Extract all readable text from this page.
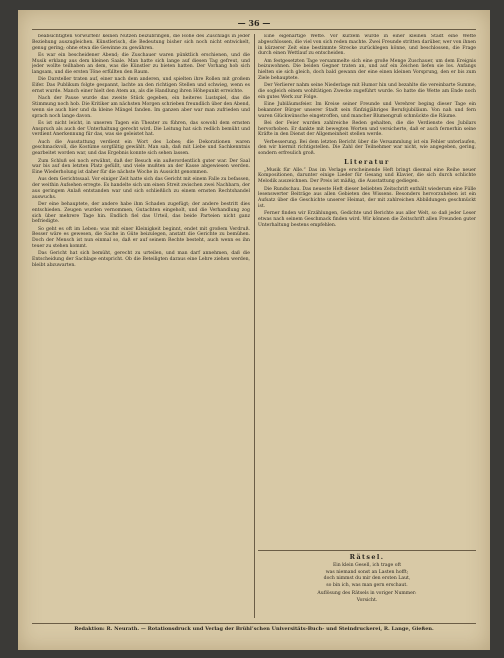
— 36 —

beabsichtigten Vorwürfen! keinen Nutzen beizubringen, die Höhe des Zuschlags in jeder Beziehung auszugleichen. Künstlerisch, die Bedeutung bisher sich noch nicht entwickelt, genug gering; ohne etwa die Gewinne zu gewähren.

Es war ein bescheidener Abend; die Zuschauer waren pünktlich erschienen, und die Musik erklang aus dem kleinen Saale. Man hatte sich lange auf diesen Tag gefreut, und jeder wollte teilhaben an dem, was die Künstler zu bieten hatten. Der Vorhang hob sich langsam, und die ersten Töne erfüllten den Raum.

Die Darsteller traten auf, einer nach dem anderen, und spielten ihre Rollen mit großem Eifer. Das Publikum folgte gespannt, lachte an den richtigen Stellen und schwieg, wenn es ernst wurde. Manch einer hielt den Atem an, als die Handlung ihren Höhepunkt erreichte.

Nach der Pause wurde das zweite Stück gegeben, ein heiteres Lustspiel, das die Stimmung noch hob. Die Kritiker am nächsten Morgen schrieben freundlich über den Abend, wenn sie auch hier und da kleine Mängel fanden. Im ganzen aber war man zufrieden und sprach noch lange davon.

Es ist nicht leicht, in unseren Tagen ein Theater zu führen, das sowohl dem ernsten Anspruch als auch der Unterhaltung gerecht wird. Die Leitung hat sich redlich bemüht und verdient Anerkennung für das, was sie geleistet hat.

Auch die Ausstattung verdient ein Wort des Lobes; die Dekorationen waren geschmackvoll, die Kostüme sorgfältig gewählt. Man sah, daß mit Liebe und Sachkenntnis gearbeitet worden war, und das Ergebnis konnte sich sehen lassen.

Zum Schluß sei noch erwähnt, daß der Besuch ein außerordentlich guter war. Der Saal war bis auf den letzten Platz gefüllt, und viele mußten an der Kasse abgewiesen werden. Eine Wiederholung ist daher für die nächste Woche in Aussicht genommen.

Aus dem Gerichtssaal. Vor einiger Zeit hatte sich das Gericht mit einem Falle zu befassen, der weithin Aufsehen erregte. Es handelte sich um einen Streit zwischen zwei Nachbarn, der aus geringem Anlaß entstanden war und sich schließlich zu einem ernsten Rechtshandel auswuchs.

Der eine behauptete, der andere habe ihm Schaden zugefügt; der andere bestritt dies entschieden. Zeugen wurden vernommen, Gutachten eingeholt, und die Verhandlung zog sich über mehrere Tage hin. Endlich fiel das Urteil, das beide Parteien nicht ganz befriedigte.

So geht es oft im Leben: was mit einer Kleinigkeit beginnt, endet mit großem Verdruß. Besser wäre es gewesen, die Sache in Güte beizulegen, anstatt die Gerichte zu bemühen. Doch der Mensch ist nun einmal so, daß er auf seinem Rechte besteht, auch wenn es ihn teuer zu stehen kommt.

Das Gericht hat sich bemüht, gerecht zu urteilen, und man darf annehmen, daß die Entscheidung der Sachlage entspricht. Ob die Beteiligten daraus eine Lehre ziehen werden, bleibt abzuwarten.

Eine eigenartige Wette. Vor kurzem wurde in einer kleinen Stadt eine Wette abgeschlossen, die viel von sich reden machte. Zwei Freunde stritten darüber, wer von ihnen in kürzerer Zeit eine bestimmte Strecke zurücklegen könne, und beschlossen, die Frage durch einen Wettlauf zu entscheiden.

Am festgesetzten Tage versammelte sich eine große Menge Zuschauer, um dem Ereignis beizuwohnen. Die beiden Gegner traten an, und auf ein Zeichen liefen sie los. Anfangs hielten sie sich gleich, doch bald gewann der eine einen kleinen Vorsprung, den er bis zum Ziele behauptete.

Der Verlierer nahm seine Niederlage mit Humor hin und bezahlte die vereinbarte Summe, die sogleich einem wohltätigen Zwecke zugeführt wurde. So hatte die Wette am Ende noch ein gutes Werk zur Folge.

Eine Jubiläumsfeier. Im Kreise seiner Freunde und Verehrer beging dieser Tage ein bekannter Bürger unserer Stadt sein fünfzigjähriges Berufsjubiläum. Von nah und fern waren Glückwünsche eingetroffen, und mancher Blumengruß schmückte die Räume.

Bei der Feier wurden zahlreiche Reden gehalten, die die Verdienste des Jubilars hervorhoben. Er dankte mit bewegten Worten und versicherte, daß er auch fernerhin seine Kräfte in den Dienst der Allgemeinheit stellen werde.

Verbesserung. Bei dem letzten Bericht über die Versammlung ist ein Fehler unterlaufen, den wir hiermit richtigstellen. Die Zahl der Teilnehmer war nicht, wie angegeben, gering, sondern erfreulich groß.

Literatur

„Musik für Alle.“ Das im Verlage erscheinende Heft bringt diesmal eine Reihe neuer Kompositionen, darunter einige Lieder für Gesang und Klavier, die sich durch schlichte Melodik auszeichnen. Der Preis ist mäßig, die Ausstattung gediegen.

Die Rundschau. Das neueste Heft dieser beliebten Zeitschrift enthält wiederum eine Fülle lesenswerter Beiträge aus allen Gebieten des Wissens. Besonders hervorzuheben ist ein Aufsatz über die Geschichte unserer Heimat, der mit zahlreichen Abbildungen geschmückt ist.

Ferner finden wir Erzählungen, Gedichte und Berichte aus aller Welt, so daß jeder Leser etwas nach seinem Geschmack finden wird. Wir können die Zeitschrift allen Freunden guter Unterhaltung bestens empfehlen.

Rätsel.

Ein klein Gesell, ich trage oft

was niemand sonst an Lasten hofft;

doch nimmst du mir den ersten Laut,

so bin ich, was man gern erschaut.

Auflösung des Rätsels in voriger Nummer:

Vorsicht.

Redaktion: R. Neurath. — Rotationsdruck und Verlag der Brühl’schen Universitäts-Buch- und Steindruckerei, R. Lange, Gießen.
